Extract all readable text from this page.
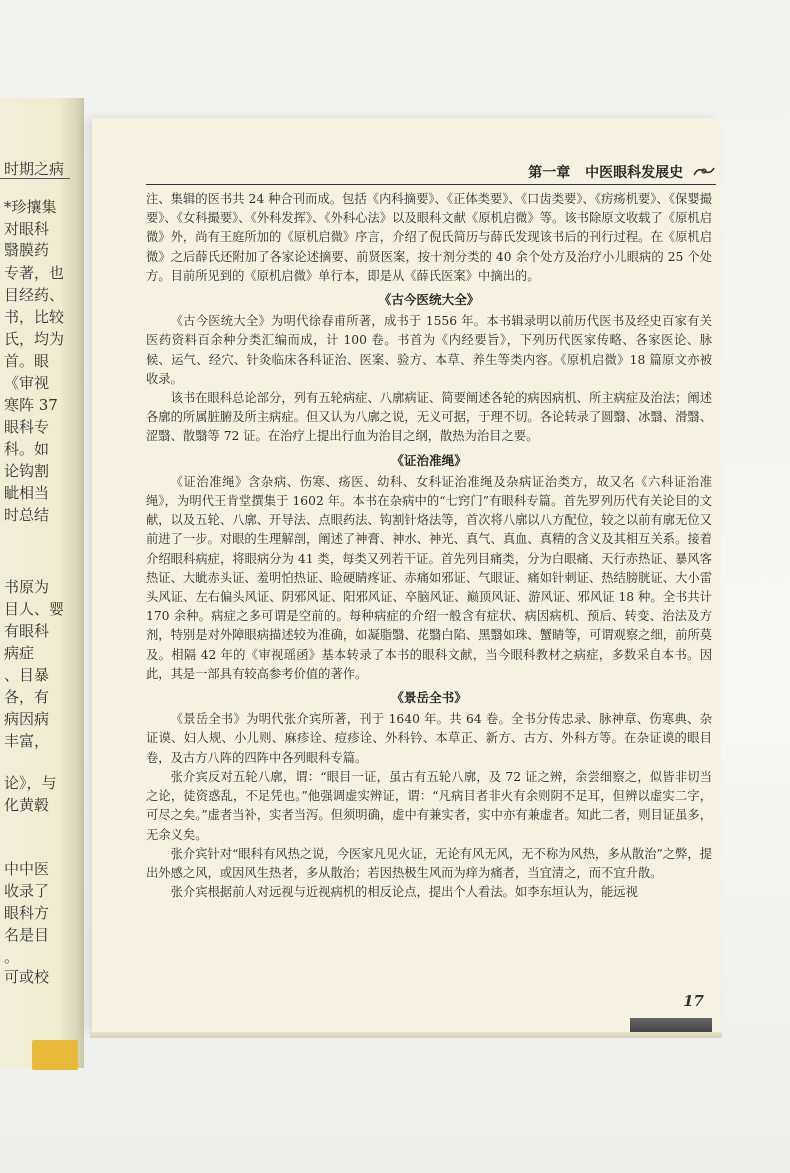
时期之病
*珍攘集
对眼科
翳膜药
专著，也
目经药、
书，比较
氏，均为
首。眼
《审视
寒阵 37
眼科专
科。如
论钩割
眦相当
时总结
书原为
目人、婴
有眼科
病症
、目暴
各，有
病因病
丰富，
论》，与
化黄毂
中中医
收录了
眼科方
名是目
。
可或校
第一章 中医眼科发展史

注、集辑的医书共 24 种合刊而成。包括《内科摘要》、《正体类要》、《口齿类要》、《疠疡机要》、《保婴撮要》、《女科撮要》、《外科发挥》、《外科心法》以及眼科文献《原机启微》等。该书除原文收载了《原机启微》外，尚有王庭所加的《原机启微》序言，介绍了倪氏简历与薛氏发现该书后的刊行过程。在《原机启微》之后薛氏还附加了各家论述摘要、前贤医案，按十剂分类的 40 余个处方及治疗小儿眼病的 25 个处方。目前所见到的《原机启微》单行本，即是从《薛氏医案》中摘出的。

《古今医统大全》

《古今医统大全》为明代徐春甫所著，成书于 1556 年。本书辑录明以前历代医书及经史百家有关医药资料百余种分类汇编而成，计 100 卷。书首为《内经要旨》，下列历代医家传略、各家医论、脉候、运气、经穴、针灸临床各科证治、医案、验方、本草、养生等类内容。《原机启微》18 篇原文亦被收录。

该书在眼科总论部分，列有五轮病症、八廓病证、简要阐述各轮的病因病机、所主病症及治法；阐述各廓的所属脏腑及所主病症。但又认为八廓之说，无义可据，于理不切。各论转录了圆翳、冰翳、滑翳、涩翳、散翳等 72 证。在治疗上提出行血为治目之纲，散热为治目之要。

《证治准绳》

《证治准绳》含杂病、伤寒、疡医、幼科、女科证治准绳及杂病证治类方，故又名《六科证治准绳》，为明代王肯堂撰集于 1602 年。本书在杂病中的“七窍门”有眼科专篇。首先罗列历代有关论目的文献，以及五轮、八廓、开导法、点眼药法、钩割针烙法等，首次将八廓以八方配位，较之以前有廓无位又前进了一步。对眼的生理解剖，阐述了神膏、神水、神光、真气、真血、真精的含义及其相互关系。接着介绍眼科病症，将眼病分为 41 类，每类又列若干证。首先列目痛类，分为白眼痛、天行赤热证、暴风客热证、大眦赤头证、羞明怕热证、睑硬睛疼证、赤痛如邪证、气眼证、痛如针刺证、热结膀胱证、大小雷头风证、左右偏头风证、阴邪风证、阳邪风证、卒脑风证、巅顶风证、游风证、邪风证 18 种。全书共计 170 余种。病症之多可谓是空前的。每种病症的介绍一般含有症状、病因病机、预后、转变、治法及方剂，特别是对外障眼病描述较为准确，如凝脂翳、花翳白陷、黑翳如珠、蟹睛等，可谓观察之细，前所莫及。相隔 42 年的《审视瑶函》基本转录了本书的眼科文献，当今眼科教材之病症，多数采自本书。因此，其是一部具有较高参考价值的著作。

《景岳全书》

《景岳全书》为明代张介宾所著，刊于 1640 年。共 64 卷。全书分传忠录、脉神章、伤寒典、杂证谟、妇人规、小儿则、麻疹诠、痘疹诠、外科钤、本草正、新方、古方、外科方等。在杂证谟的眼目卷，及古方八阵的四阵中各列眼科专篇。

张介宾反对五轮八廓，谓：“眼目一证，虽古有五轮八廓，及 72 证之辨，余尝细察之，似皆非切当之论，徒资惑乱，不足凭也。”他强调虚实辨证，谓：“凡病目者非火有余则阴不足耳，但辨以虚实二字，可尽之矣。”虚者当补，实者当泻。但须明确，虚中有兼实者，实中亦有兼虚者。知此二者，则目证虽多，无余义矣。

张介宾针对“眼科有风热之说，今医家凡见火证，无论有风无风，无不称为风热，多从散治”之弊，提出外感之风，或因风生热者，多从散治；若因热极生风而为痒为痛者，当宜清之，而不宜升散。

张介宾根据前人对远视与近视病机的相反论点，提出个人看法。如李东垣认为，能远视

17
